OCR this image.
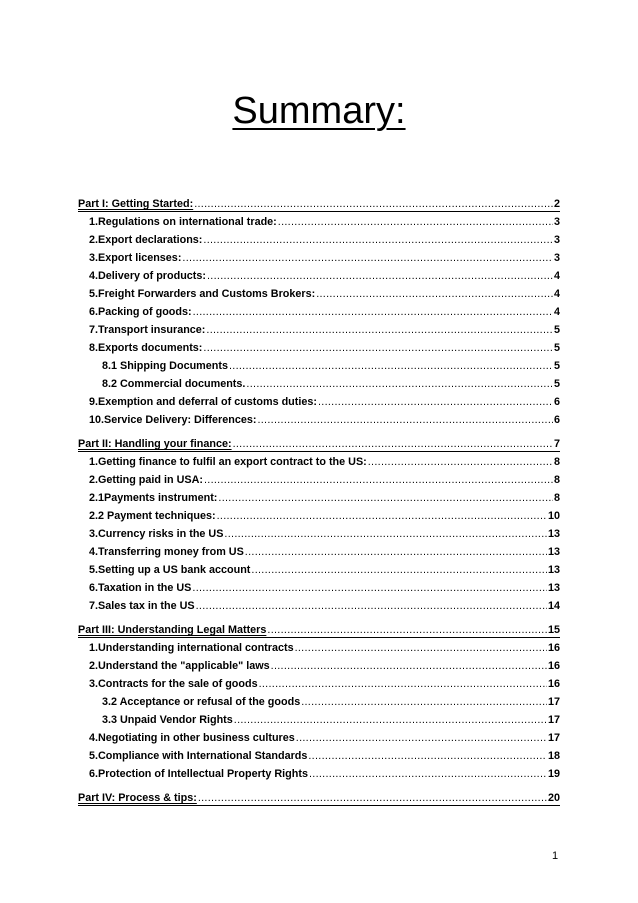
Summary:
Part I: Getting Started: .....	2
1.Regulations on international trade: .....	3
2.Export declarations: .....	3
3.Export licenses: .....	3
4.Delivery of products: .....	4
5.Freight Forwarders and Customs Brokers: .....	4
6.Packing of goods: .....	4
7.Transport insurance: .....	5
8.Exports documents: .....	5
8.1 Shipping Documents .....	5
8.2 Commercial documents. .....	5
9.Exemption and deferral of customs duties: .....	6
10.Service Delivery: Differences: .....	6
Part II: Handling your finance: .....	7
1.Getting finance to fulfil an export contract to the US: .....	8
2.Getting paid in USA: .....	8
2.1Payments instrument: .....	8
2.2 Payment techniques: .....	10
3.Currency risks in the US .....	13
4.Transferring money from US .....	13
5.Setting up a US bank account .....	13
6.Taxation in the US .....	13
7.Sales tax in the US .....	14
Part III: Understanding Legal Matters .....	15
1.Understanding international contracts .....	16
2.Understand the "applicable" laws .....	16
3.Contracts for the sale of goods .....	16
3.2 Acceptance or refusal of the goods .....	17
3.3 Unpaid Vendor Rights .....	17
4.Negotiating in other business cultures .....	17
5.Compliance with International Standards .....	18
6.Protection of Intellectual Property Rights .....	19
Part IV: Process & tips: .....	20
1
